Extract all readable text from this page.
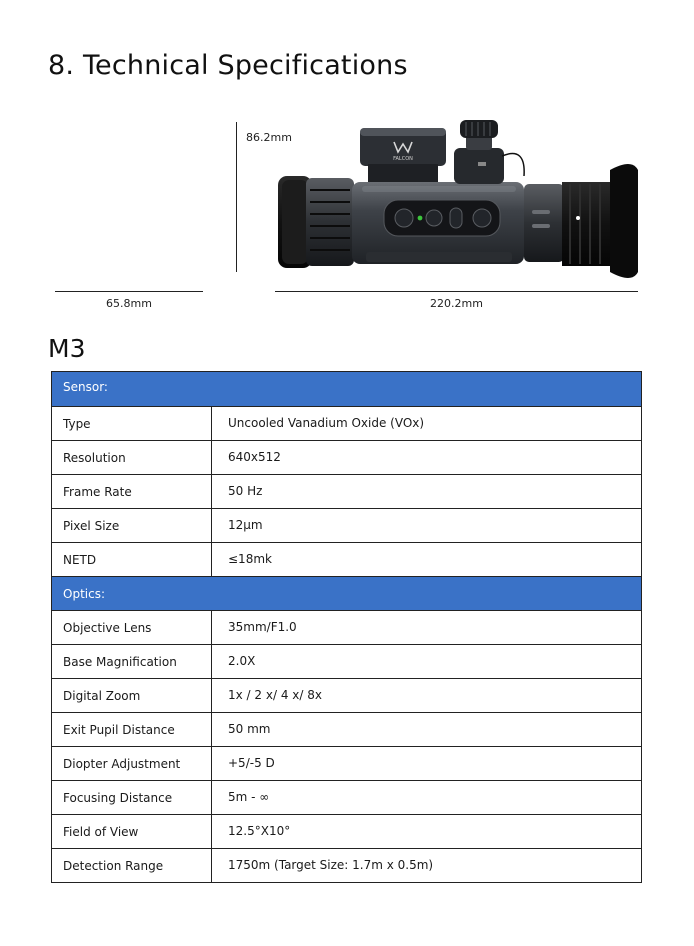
8. Technical Specifications
86.2mm
65.8mm	220.2mm
FALCON
M3
Sensor:
Type	Uncooled Vanadium Oxide (VOx)
Resolution	640x512
Frame Rate	50 Hz
Pixel Size	12μm
NETD	≤18mk
Optics:
Objective Lens	35mm/F1.0
Base Magnification	2.0X
Digital Zoom	1x / 2 x/ 4 x/ 8x
Exit Pupil Distance	50 mm
Diopter Adjustment	+5/-5 D
Focusing Distance	5m - ∞
Field of View	12.5°X10°
Detection Range	1750m (Target Size: 1.7m x 0.5m)
